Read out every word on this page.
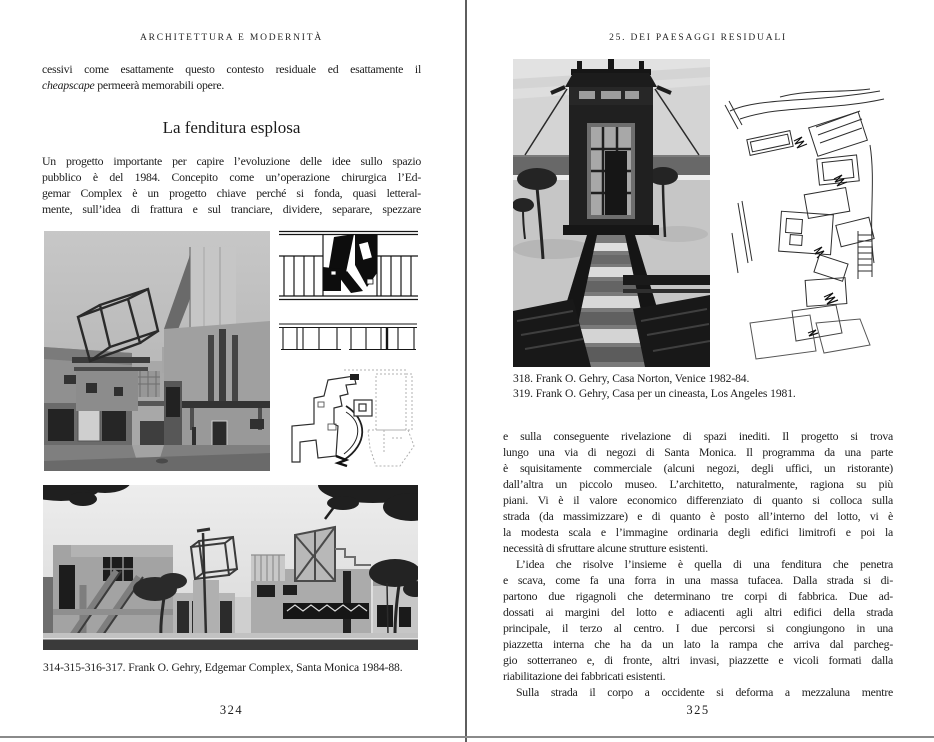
ARCHITETTURA E MODERNITÀ
cessivi come esattamente questo contesto residuale ed esattamente il
cheapscape permeerà memorabili opere.
La fenditura esplosa
Un progetto importante per capire l’evoluzione delle idee sullo spazio
pubblico è del 1984. Concepito come un’operazione chirurgica l’Ed-
gemar Complex è un progetto chiave perché si fonda, quasi letteral-
mente, sull’idea di frattura e sul tranciare, dividere, separare, spezzare
314-315-316-317. Frank O. Gehry, Edgemar Complex, Santa Monica 1984-88.
324
25. DEI PAESAGGI RESIDUALI
318. Frank O. Gehry, Casa Norton, Venice 1982-84.
319. Frank O. Gehry, Casa per un cineasta, Los Angeles 1981.
e sulla conseguente rivelazione di spazi inediti. Il progetto si trova
lungo una via di negozi di Santa Monica. Il programma da una parte
è squisitamente commerciale (alcuni negozi, degli uffici, un ristorante)
dall’altra un piccolo museo. L’architetto, naturalmente, ragiona su più
piani. Vi è il valore economico differenziato di quanto si colloca sulla
strada (da massimizzare) e di quanto è posto all’interno del lotto, vi è
la modesta scala e l’immagine ordinaria degli edifici limitrofi e poi la
necessità di sfruttare alcune strutture esistenti.
L’idea che risolve l’insieme è quella di una fenditura che penetra
e scava, come fa una forra in una massa tufacea. Dalla strada si di-
partono due rigagnoli che determinano tre corpi di fabbrica. Due ad-
dossati ai margini del lotto e adiacenti agli altri edifici della strada
principale, il terzo al centro. I due percorsi si congiungono in una
piazzetta interna che ha da un lato la rampa che arriva dal parcheg-
gio sotterraneo e, di fronte, altri invasi, piazzette e vicoli formati dalla
riabilitazione dei fabbricati esistenti.
Sulla strada il corpo a occidente si deforma a mezzaluna mentre
325
